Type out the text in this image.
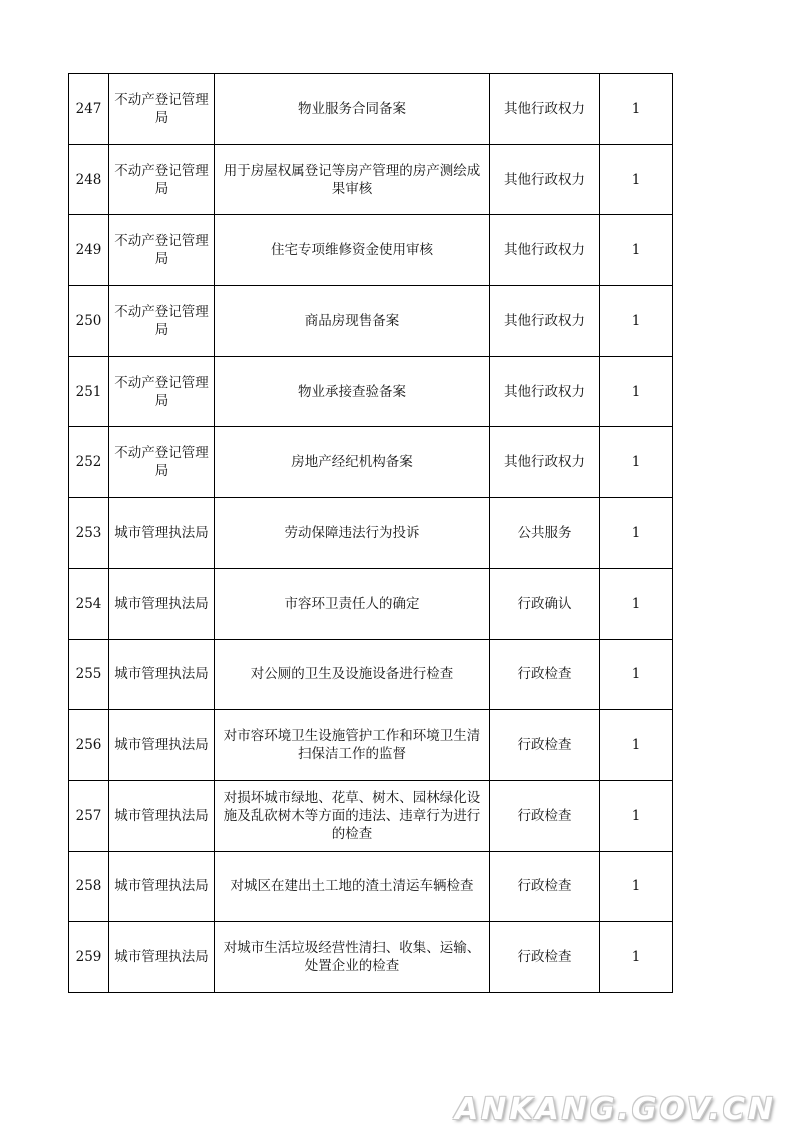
247	不动产登记管理局	物业服务合同备案	其他行政权力	1
248	不动产登记管理局	用于房屋权属登记等房产管理的房产测绘成果审核	其他行政权力	1
249	不动产登记管理局	住宅专项维修资金使用审核	其他行政权力	1
250	不动产登记管理局	商品房现售备案	其他行政权力	1
251	不动产登记管理局	物业承接查验备案	其他行政权力	1
252	不动产登记管理局	房地产经纪机构备案	其他行政权力	1
253	城市管理执法局	劳动保障违法行为投诉	公共服务	1
254	城市管理执法局	市容环卫责任人的确定	行政确认	1
255	城市管理执法局	对公厕的卫生及设施设备进行检查	行政检查	1
256	城市管理执法局	对市容环境卫生设施管护工作和环境卫生清扫保洁工作的监督	行政检查	1
257	城市管理执法局	对损坏城市绿地、花草、树木、园林绿化设施及乱砍树木等方面的违法、违章行为进行的检查	行政检查	1
258	城市管理执法局	对城区在建出土工地的渣土清运车辆检查	行政检查	1
259	城市管理执法局	对城市生活垃圾经营性清扫、收集、运输、处置企业的检查	行政检查	1
ANKANG.GOV.CN
